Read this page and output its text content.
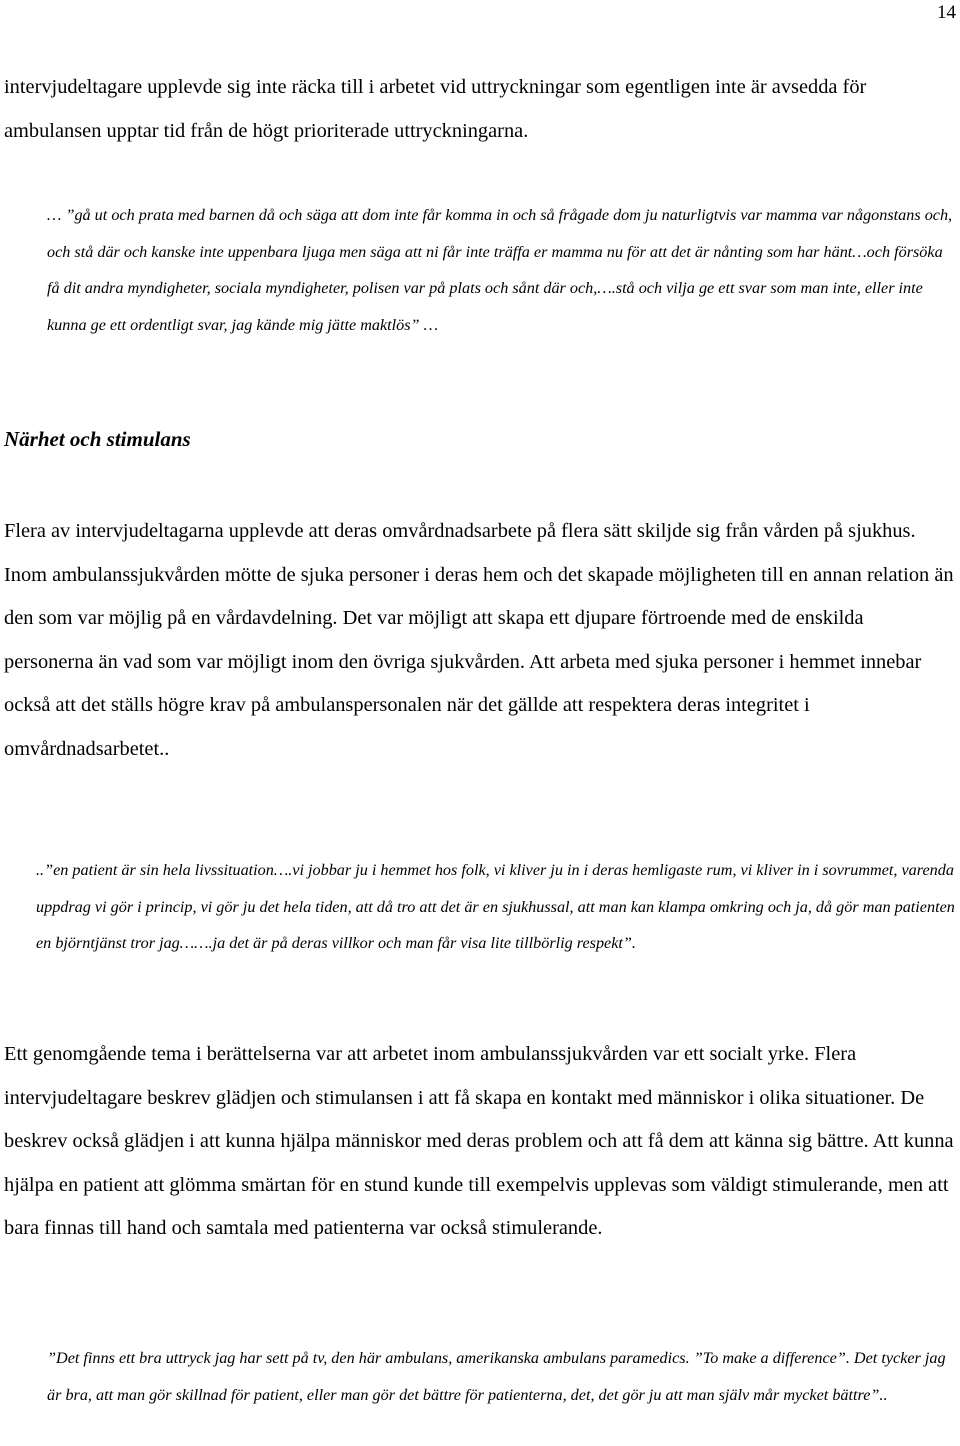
14

intervjudeltagare upplevde sig inte räcka till i arbetet vid uttryckningar som egentligen inte är avsedda för ambulansen upptar tid från de högt prioriterade uttryckningarna.

… ”gå ut och prata med barnen då och säga att dom inte får komma in och så frågade dom ju naturligtvis var mamma var någonstans och, och stå där och kanske inte uppenbara ljuga men säga att ni får inte träffa er mamma nu för att det är nånting som har hänt…och försöka få dit andra myndigheter, sociala myndigheter, polisen var på plats och sånt där och,….stå och vilja ge ett svar som man inte, eller inte kunna ge ett ordentligt svar, jag kände mig jätte maktlös” …

Närhet och stimulans

Flera av intervjudeltagarna upplevde att deras omvårdnadsarbete på flera sätt skiljde sig från vården på sjukhus. Inom ambulanssjukvården mötte de sjuka personer i deras hem och det skapade möjligheten till en annan relation än den som var möjlig på en vårdavdelning. Det var möjligt att skapa ett djupare förtroende med de enskilda personerna än vad som var möjligt inom den övriga sjukvården. Att arbeta med sjuka personer i hemmet innebar också att det ställs högre krav på ambulanspersonalen när det gällde att respektera deras integritet i omvårdnadsarbetet..

..”en patient är sin hela livssituation….vi jobbar ju i hemmet hos folk, vi kliver ju in i deras hemligaste rum, vi kliver in i sovrummet, varenda uppdrag vi gör i princip, vi gör ju det hela tiden, att då tro att det är en sjukhussal, att man kan klampa omkring och ja, då gör man patienten en björntjänst tror jag…….ja det är på deras villkor och man får visa lite tillbörlig respekt”.

Ett genomgående tema i berättelserna var att arbetet inom ambulanssjukvården var ett socialt yrke. Flera intervjudeltagare beskrev glädjen och stimulansen i att få skapa en kontakt med människor i olika situationer. De beskrev också glädjen i att kunna hjälpa människor med deras problem och att få dem att känna sig bättre. Att kunna hjälpa en patient att glömma smärtan för en stund kunde till exempelvis upplevas som väldigt stimulerande, men att bara finnas till hand och samtala med patienterna var också stimulerande.

”Det finns ett bra uttryck jag har sett på tv, den här ambulans, amerikanska ambulans paramedics. ”To make a difference”. Det tycker jag är bra, att man gör skillnad för patient, eller man gör det bättre för patienterna, det, det gör ju att man själv mår mycket bättre”..
